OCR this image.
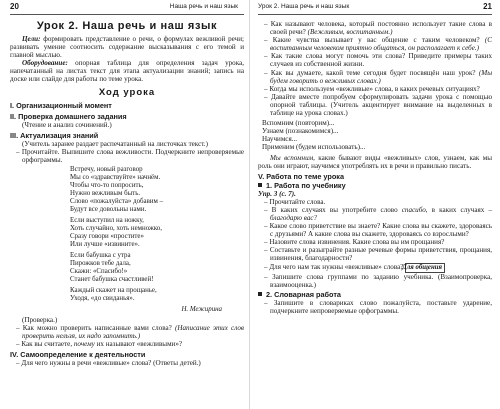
20	Наша речь и наш язык
Урок 2. Наша речь и наш язык

Цели: формировать представление о речи, о формулах вежливой речи; развивать умение соотносить содержание высказывания с его темой и главной мыслью.

Оборудование: опорная таблица для определения задач урока, напечатанный на листах текст для этапа актуализации знаний; запись на доске или слайде для работы по теме урока.

Ход урока
I. Организационный момент
II. Проверка домашнего задания

(Чтение и анализ сочинений.)

III. Актуализация знаний

(Учитель заранее раздает распечатанный на листочках текст.)

– Прочитайте. Выпишите слова вежливости. Подчеркните непроверяемые орфограммы.

Встречу, новый разговор
Мы со «здравствуйте» начнём.
Чтобы что-то попросить,
Нужно вежливым быть.
Слово «пожалуйста» добавим –
Будут все довольны нами.
Если выступил на ножку,
Хоть случайно, хоть немножко,
Сразу говори «простите»
Или лучше «извините».
Если бабушка с утра
Пирожков тебе дала,
Скажи: «Спасибо!»
Станет бабушка счастливей!
Каждый скажет на прощанье,
Уходя, «до свиданья».
Н. Межирина

(Проверка.)

– Как можно проверить написанные вами слова? (Написание этих слов проверить нельзя, их надо запомнить.)

– Как вы считаете, почему их называют «вежливыми»?

IV. Самоопределение к деятельности

– Для чего нужны в речи «вежливые» слова? (Ответы детей.)

Урок 2. Наша речь и наш язык	21

– Как называют человека, который постоянно использует такие слова в своей речи? (Вежливым, воспитанным.)

– Какие чувства вызывает у вас общение с таким человеком? (С воспитанным человеком приятно общаться, он располагает к себе.)

– Как такие слова могут помочь эти слова? Приведите примеры таких случаев из собственной жизни.

– Как вы думаете, какой теме сегодня будет посвящён наш урок? (Мы будем говорить о вежливых словах.)

– Когда мы используем «вежливые» слова, в каких речевых ситуациях?

– Давайте вместе попробуем сформулировать задачи урока с помощью опорной таблицы. (Учитель акцентирует внимание на выделенных в таблице на урока словах.)

Вспомним (повторим)...

Узнаем (познакомимся)...

Научимся...

Применим (будем использовать)...

Мы вспомним, какие бывают виды «вежливых» слов, узнаем, как мы роль они играют, научимся употреблять их в речи и правильно писать.

V. Работа по теме урока
1. Работа по учебнику

Упр. 3 (с. 7).

– Прочитайте слова.

– В каких случаях вы употребите слово спасибо, в каких случаях – благодарю вас?

– Какое слово приветствие вы знаете? Какие слова вы скажете, здороваясь с друзьями? А какие слова вы скажете, здороваясь со взрослыми?

– Назовите слова извинения. Какие слова вы им прощания?

– Составьте и разыграйте разные речевые формы приветствия, прощания, извинения, благодарности?

– Для чего нам так нужны «вежливые» слова? Для общения

– Запишите слова группами по заданию учебника. (Взаимопроверка, взаимооценка.)

2. Словарная работа

– Запишите в словариках слово пожалуйста, поставьте ударение, подчеркните непроверяемые орфограммы.
